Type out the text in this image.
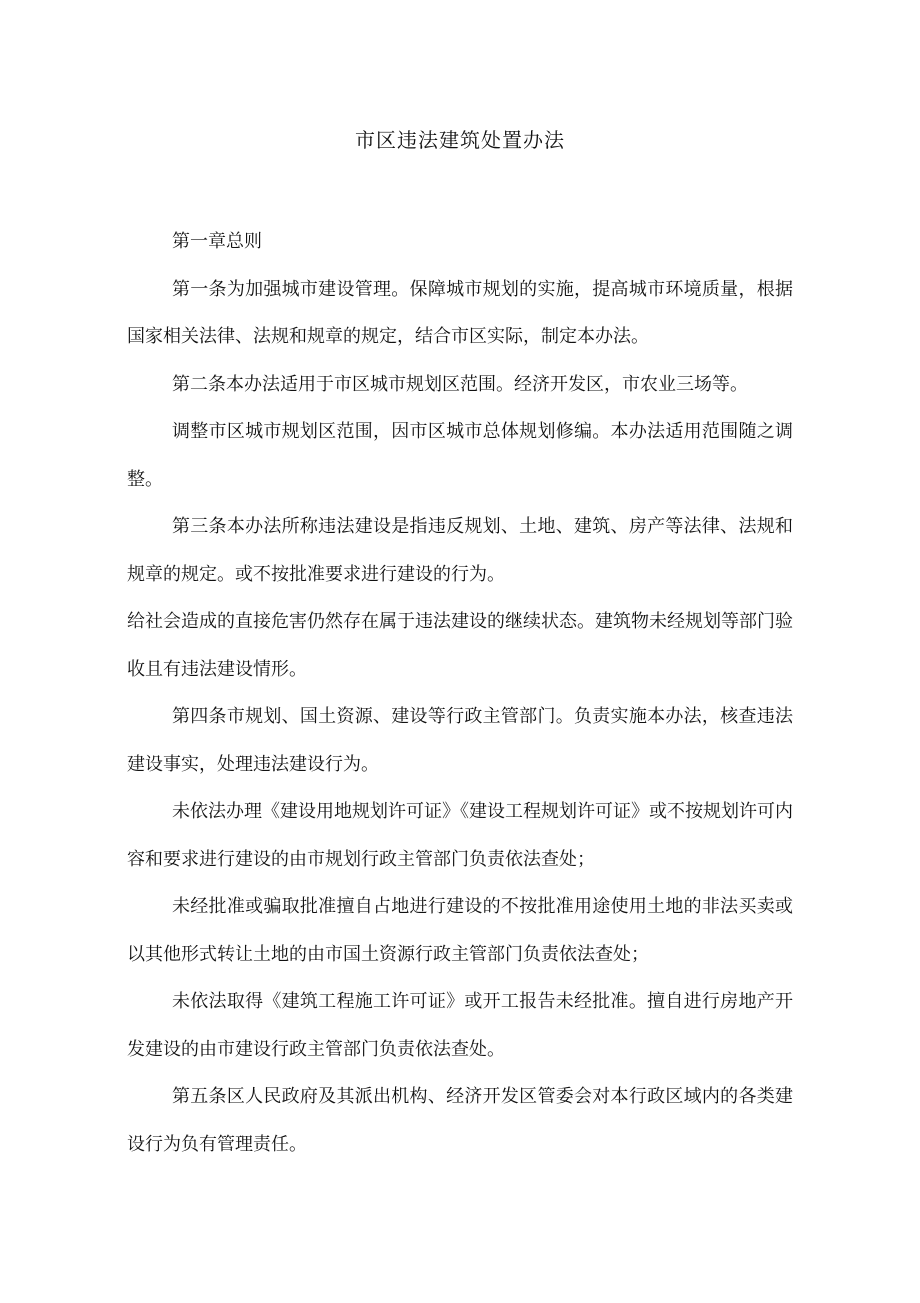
市区违法建筑处置办法

第一章总则

第一条为加强城市建设管理。保障城市规划的实施，提高城市环境质量，根据国家相关法律、法规和规章的规定，结合市区实际，制定本办法。

第二条本办法适用于市区城市规划区范围。经济开发区，市农业三场等。

调整市区城市规划区范围，因市区城市总体规划修编。本办法适用范围随之调整。

第三条本办法所称违法建设是指违反规划、土地、建筑、房产等法律、法规和规章的规定。或不按批准要求进行建设的行为。

给社会造成的直接危害仍然存在属于违法建设的继续状态。建筑物未经规划等部门验收且有违法建设情形。

第四条市规划、国土资源、建设等行政主管部门。负责实施本办法，核查违法建设事实，处理违法建设行为。

未依法办理《建设用地规划许可证》《建设工程规划许可证》或不按规划许可内容和要求进行建设的由市规划行政主管部门负责依法查处；

未经批准或骗取批准擅自占地进行建设的不按批准用途使用土地的非法买卖或以其他形式转让土地的由市国土资源行政主管部门负责依法查处；

未依法取得《建筑工程施工许可证》或开工报告未经批准。擅自进行房地产开发建设的由市建设行政主管部门负责依法查处。

第五条区人民政府及其派出机构、经济开发区管委会对本行政区域内的各类建设行为负有管理责任。
